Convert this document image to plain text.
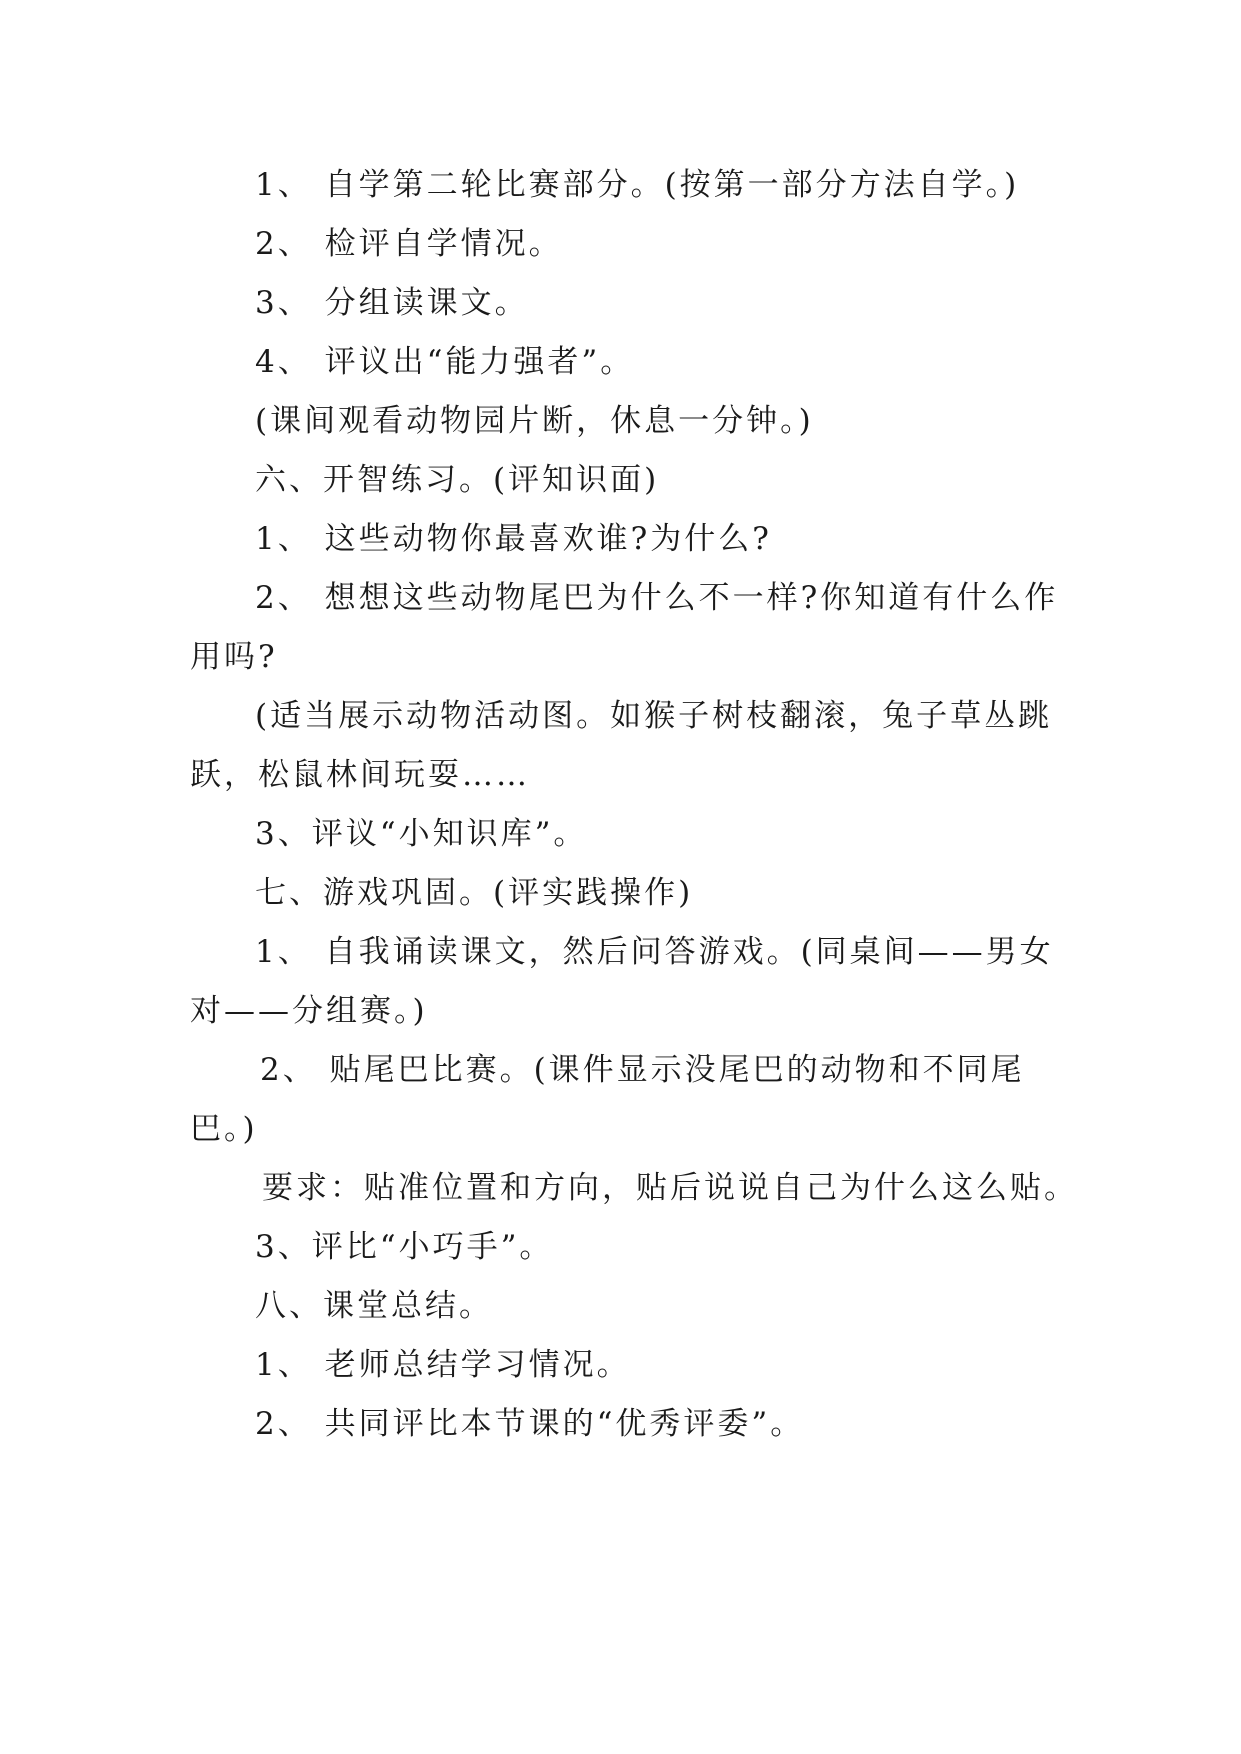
1、 自学第二轮比赛部分。(按第一部分方法自学。)
2、 检评自学情况。
3、 分组读课文。
4、 评议出“能力强者”。
(课间观看动物园片断，休息一分钟。)
六、开智练习。(评知识面)
1、 这些动物你最喜欢谁?为什么?
2、 想想这些动物尾巴为什么不一样?你知道有什么作
用吗?
(适当展示动物活动图。如猴子树枝翻滚，兔子草丛跳
跃，松鼠林间玩耍……
3、评议“小知识库”。
七、游戏巩固。(评实践操作)
1、 自我诵读课文，然后问答游戏。(同桌间——男女
对——分组赛。)
2、 贴尾巴比赛。(课件显示没尾巴的动物和不同尾
巴。)
要求：贴准位置和方向，贴后说说自己为什么这么贴。
3、评比“小巧手”。
八、课堂总结。
1、 老师总结学习情况。
2、 共同评比本节课的“优秀评委”。
